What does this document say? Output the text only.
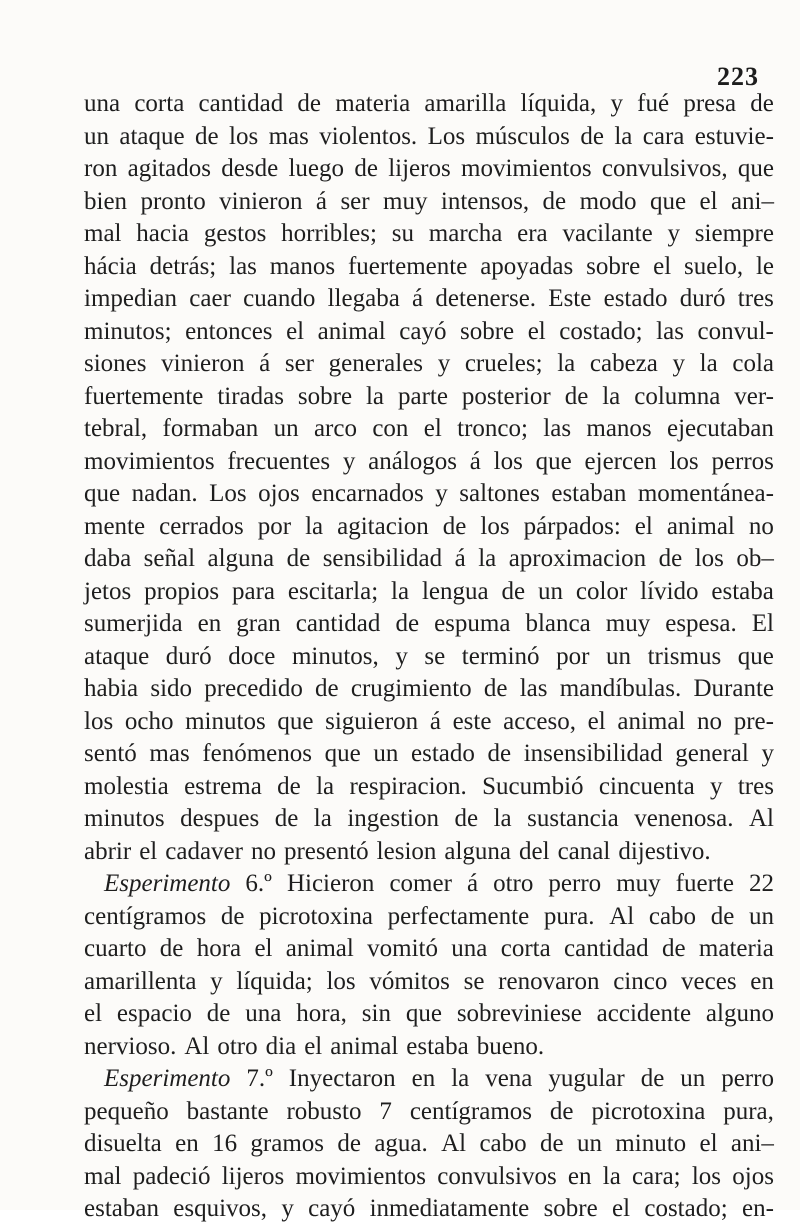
223
una corta cantidad de materia amarilla líquida, y fué presa de
un ataque de los mas violentos. Los músculos de la cara estuvie-
ron agitados desde luego de lijeros movimientos convulsivos, que
bien pronto vinieron á ser muy intensos, de modo que el ani–
mal hacia gestos horribles; su marcha era vacilante y siempre
hácia detrás; las manos fuertemente apoyadas sobre el suelo, le
impedian caer cuando llegaba á detenerse. Este estado duró tres
minutos; entonces el animal cayó sobre el costado; las convul-
siones vinieron á ser generales y crueles; la cabeza y la cola
fuertemente tiradas sobre la parte posterior de la columna ver-
tebral, formaban un arco con el tronco; las manos ejecutaban
movimientos frecuentes y análogos á los que ejercen los perros
que nadan. Los ojos encarnados y saltones estaban momentánea-
mente cerrados por la agitacion de los párpados: el animal no
daba señal alguna de sensibilidad á la aproximacion de los ob–
jetos propios para escitarla; la lengua de un color lívido estaba
sumerjida en gran cantidad de espuma blanca muy espesa. El
ataque duró doce minutos, y se terminó por un trismus que
habia sido precedido de crugimiento de las mandíbulas. Durante
los ocho minutos que siguieron á este acceso, el animal no pre-
sentó mas fenómenos que un estado de insensibilidad general y
molestia estrema de la respiracion. Sucumbió cincuenta y tres
minutos despues de la ingestion de la sustancia venenosa. Al
abrir el cadaver no presentó lesion alguna del canal dijestivo.
Esperimento 6.º Hicieron comer á otro perro muy fuerte 22
centígramos de picrotoxina perfectamente pura. Al cabo de un
cuarto de hora el animal vomitó una corta cantidad de materia
amarillenta y líquida; los vómitos se renovaron cinco veces en
el espacio de una hora, sin que sobreviniese accidente alguno
nervioso. Al otro dia el animal estaba bueno.
Esperimento 7.º Inyectaron en la vena yugular de un perro
pequeño bastante robusto 7 centígramos de picrotoxina pura,
disuelta en 16 gramos de agua. Al cabo de un minuto el ani–
mal padeció lijeros movimientos convulsivos en la cara; los ojos
estaban esquivos, y cayó inmediatamente sobre el costado; en-
